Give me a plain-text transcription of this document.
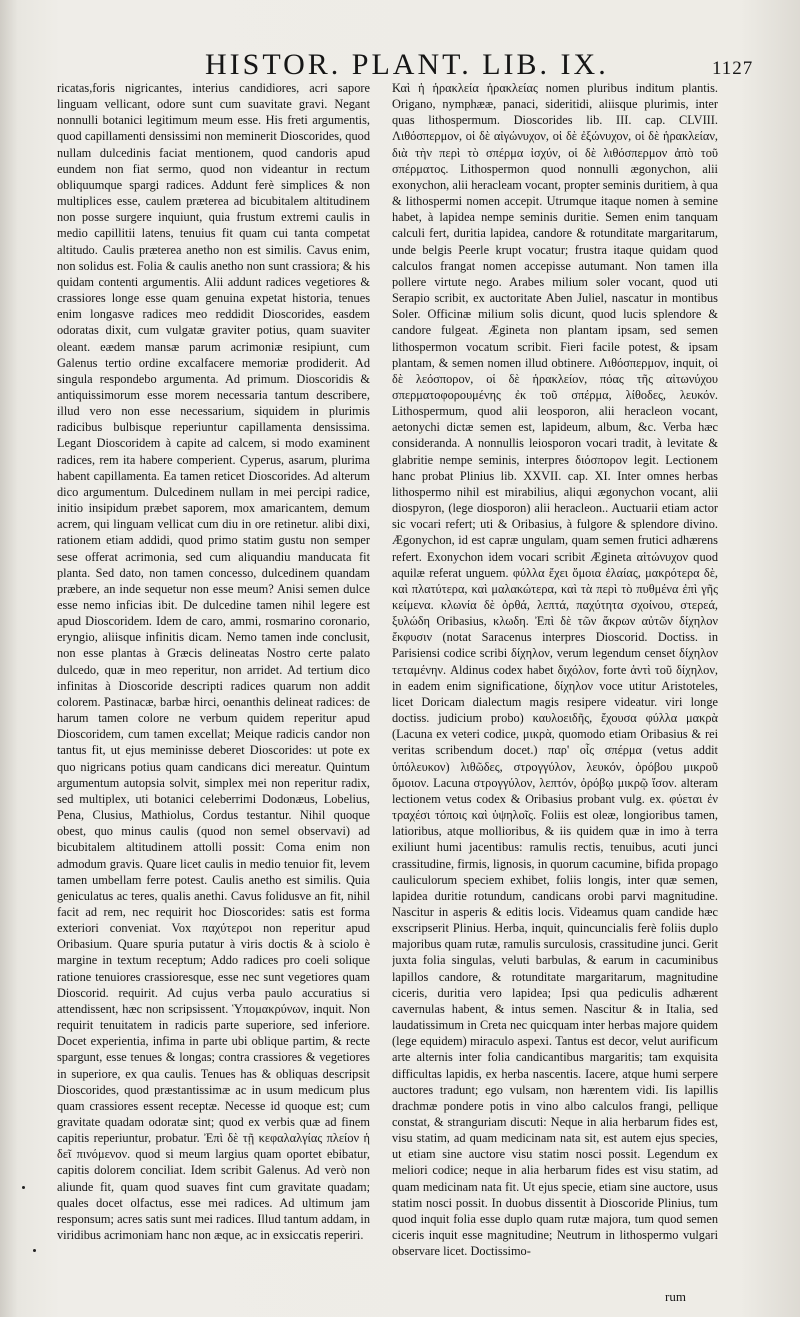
HISTOR. PLANT. LIB. IX.	1127

ricatas,foris nigricantes, interius candidiores, acri sapore linguam vellicant, odore sunt cum suavitate gravi. Negant nonnulli botanici legitimum meum esse. His freti argumentis, quod capillamenti densissimi non meminerit Dioscorides, quod nullam dulcedinis faciat mentionem, quod candoris apud eundem non fiat sermo, quod non videantur in rectum obliquumque spargi radices. Addunt ferè simplices & non multiplices esse, caulem præterea ad bicubitalem altitudinem non posse surgere inquiunt, quia frustum extremi caulis in medio capillitii latens, tenuius fit quam cui tanta competat altitudo. Caulis præterea anetho non est similis. Cavus enim, non solidus est. Folia & caulis anetho non sunt crassiora; & his quidam contenti argumentis. Alii addunt radices vegetiores & crassiores longe esse quam genuina expetat historia, tenues enim longasve radices meo reddidit Dioscorides, easdem odoratas dixit, cum vulgatæ graviter potius, quam suaviter oleant. eædem mansæ parum acrimoniæ resipiunt, cum Galenus tertio ordine excalfacere memoriæ prodiderit. Ad singula respondebo argumenta. Ad primum. Dioscoridis & antiquissimorum esse morem necessaria tantum describere, illud vero non esse necessarium, siquidem in plurimis radicibus bulbisque reperiuntur capillamenta densissima. Legant Dioscoridem à capite ad calcem, si modo examinent radices, rem ita habere comperient. Cyperus, asarum, plurima habent capillamenta. Ea tamen reticet Dioscorides. Ad alterum dico argumentum. Dulcedinem nullam in mei percipi radice, initio insipidum præbet saporem, mox amaricantem, demum acrem, qui linguam vellicat cum diu in ore retinetur. alibi dixi, rationem etiam addidi, quod primo statim gustu non semper sese offerat acrimonia, sed cum aliquandiu manducata fit planta. Sed dato, non tamen concesso, dulcedinem quandam præbere, an inde sequetur non esse meum? Anisi semen dulce esse nemo inficias ibit. De dulcedine tamen nihil legere est apud Dioscoridem. Idem de caro, ammi, rosmarino coronario, eryngio, aliisque infinitis dicam. Nemo tamen inde conclusit, non esse plantas à Græcis delineatas Nostro certe palato dulcedo, quæ in meo reperitur, non arridet. Ad tertium dico infinitas à Dioscoride descripti radices quarum non addit colorem. Pastinacæ, barbæ hirci, oenanthis delineat radices: de harum tamen colore ne verbum quidem reperitur apud Dioscoridem, cum tamen excellat; Meique radicis candor non tantus fit, ut ejus meminisse deberet Dioscorides: ut pote ex quo nigricans potius quam candicans dici mereatur. Quintum argumentum autopsia solvit, simplex mei non reperitur radix, sed multiplex, uti botanici celeberrimi Dodonæus, Lobelius, Pena, Clusius, Mathiolus, Cordus testantur. Nihil quoque obest, quo minus caulis (quod non semel observavi) ad bicubitalem altitudinem attolli possit: Coma enim non admodum gravis. Quare licet caulis in medio tenuior fit, levem tamen umbellam ferre potest. Caulis anetho est similis. Quia geniculatus ac teres, qualis anethi. Cavus folidusve an fit, nihil facit ad rem, nec requirit hoc Dioscorides: satis est forma exteriori conveniat. Vox παχύτεροι non reperitur apud Oribasium. Quare spuria putatur à viris doctis & à sciolo è margine in textum receptum; Addo radices pro coeli solique ratione tenuiores crassioresque, esse nec sunt vegetiores quam Dioscorid. requirit. Ad cujus verba paulo accuratius si attendissent, hæc non scripsissent. Ὑπομακρύνων, inquit. Non requirit tenuitatem in radicis parte superiore, sed inferiore. Docet experientia, infima in parte ubi oblique partim, & recte spargunt, esse tenues & longas; contra crassiores & vegetiores in superiore, ex qua caulis. Tenues has & obliquas descripsit Dioscorides, quod præstantissimæ ac in usum medicum plus quam crassiores essent receptæ. Necesse id quoque est; cum gravitate quadam odoratæ sint; quod ex verbis quæ ad finem capitis reperiuntur, probatur. Ἐπὶ δὲ τῇ κεφαλαλγίας πλείον ἡ δεῖ πινόμενον. quod si meum largius quam oportet ebibatur, capitis dolorem conciliat. Idem scribit Galenus. Ad verò non aliunde fit, quam quod suaves fint cum gravitate quadam; quales docet olfactus, esse mei radices. Ad ultimum jam responsum; acres satis sunt mei radices. Illud tantum addam, in viridibus acrimoniam hanc non æque, ac in exsiccatis reperiri.

Καὶ ἡ ἡρακλεία ἡρακλείας nomen pluribus inditum plantis. Origano, nymphææ, panaci, sideritidi, aliisque plurimis, inter quas lithospermum. Dioscorides lib. III. cap. CLVIII. Λιθόσπερμον, οἱ δὲ αἰγώνυχον, οἱ δὲ ἐξώνυχον, οἱ δὲ ἡρακλείαν, διὰ τὴν περὶ τὸ σπέρμα ἰσχύν, οἱ δὲ λιθόσπερμον ἀπὸ τοῦ σπέρματος. Lithospermon quod nonnulli ægonychon, alii exonychon, alii heracleam vocant, propter seminis duritiem, à qua & lithospermi nomen accepit. Utrumque itaque nomen à semine habet, à lapidea nempe seminis duritie. Semen enim tanquam calculi fert, duritia lapidea, candore & rotunditate margaritarum, unde belgis Peerle krupt vocatur; frustra itaque quidam quod calculos frangat nomen accepisse autumant. Non tamen illa pollere virtute nego. Arabes milium soler vocant, quod uti Serapio scribit, ex auctoritate Aben Juliel, nascatur in montibus Soler. Officinæ milium solis dicunt, quod lucis splendore & candore fulgeat. Æginetа non plantam ipsam, sed semen lithospermon vocatum scribit. Fieri facile potest, & ipsam plantam, & semen nomen illud obtinere. Λιθόσπερμον, inquit, οἱ δὲ λεόσπορον, οἱ δὲ ἡρακλείον, πόας τῆς αἰτωνύχου σπερματοφορουμένης ἐκ τοῦ σπέρμα, λίθοδες, λευκόν. Lithospermum, quod alii leosporon, alii heracleon vocant, aetonychi dictæ semen est, lapideum, album, &c. Verba hæc consideranda. A nonnullis leiosporon vocari tradit, à levitate & glabritie nempe seminis, interpres διόσπορον legit. Lectionem hanc probat Plinius lib. XXVII. cap. XI. Inter omnes herbas lithospermo nihil est mirabilius, aliqui ægonychon vocant, alii diospyron, (lege diosporon) alii heracleon.. Auctuarii etiam actor sic vocari refert; uti & Oribasius, à fulgore & splendore divino. Ægonychon, id est capræ ungulam, quam semen frutici adhærens refert. Exonychon idem vocari scribit Æginetа αἰτώνυχον quod aquilæ referat unguem. φύλλα ἔχει ὅμοια ἐλαίας, μακρότερα δὲ, καὶ πλατύτερα, καὶ μαλακώτερα, καὶ τὰ περὶ τὸ πυθμένα ἐπὶ γῆς κείμενα. κλωνία δὲ ὀρθά, λεπτά, παχύτητα σχοίνου, στερεά, ξυλώδη Oribasius, κλωδη. Ἐπὶ δὲ τῶν ἄκρων αὐτῶν δίχηλον ἔκφυσιν (notat Saracenus interpres Dioscorid. Doctiss. in Parisiensi codice scribi δίχηλον, verum legendum censet δίχηλον τεταμένην. Aldinus codex habet διχόλον, forte ἀντὶ τοῦ δίχηλον, in eadem enim significatione, δίχηλον voce utitur Aristoteles, licet Doricam dialectum magis resipere videatur. viri longe doctiss. judicium probo) καυλοειδῆς, ἔχουσα φύλλα μακρὰ (Lacuna ex veteri codice, μικρὰ, quomodo etiam Oribasius & rei veritas scribendum docet.) παρ' οἷς σπέρμα (vetus addit ὑπόλευκον) λιθῶδες, στρογγύλον, λευκόν, ὀρόβου μικροῦ ὅμοιον. Lacuna στρογγύλον, λεπτόν, ὀρόβῳ μικρῷ ἴσον. alteram lectionem vetus codex & Oribasius probant vulg. ex. φύεται ἐν τραχέσι τόποις καὶ ὑψηλοῖς. Foliis est oleæ, longioribus tamen, latioribus, atque mollioribus, & iis quidem quæ in imo à terra exiliunt humi jacentibus: ramulis rectis, tenuibus, acuti junci crassitudine, firmis, lignosis, in quorum cacumine, bifida propago cauliculorum speciem exhibet, foliis longis, inter quæ semen, lapidea duritie rotundum, candicans orobi parvi magnitudine. Nascitur in asperis & editis locis. Videamus quam candide hæc exscripserit Plinius. Herba, inquit, quincuncialis ferè foliis duplo majoribus quam rutæ, ramulis surculosis, crassitudine junci. Gerit juxta folia singulas, veluti barbulas, & earum in cacuminibus lapillos candore, & rotunditate margaritarum, magnitudine ciceris, duritia vero lapidea; Ipsi qua pediculis adhærent cavernulas habent, & intus semen. Nascitur & in Italia, sed laudatissimum in Creta nec quicquam inter herbas majore quidem (lege equidem) miraculo aspexi. Tantus est decor, velut aurificum arte alternis inter folia candicantibus margaritis; tam exquisita difficultas lapidis, ex herba nascentis. Iacere, atque humi serpere auctores tradunt; ego vulsam, non hærentem vidi. Iis lapillis drachmæ pondere potis in vino albo calculos frangi, pellique constat, & stranguriam discuti: Neque in alia herbarum fides est, visu statim, ad quam medicinam nata sit, est autem ejus species, ut etiam sine auctore visu statim nosci possit. Legendum ex meliori codice; neque in alia herbarum fides est visu statim, ad quam medicinam nata fit. Ut ejus specie, etiam sine auctore, usus statim nosci possit. In duobus dissentit à Dioscoride Plinius, tum quod inquit folia esse duplo quam rutæ majora, tum quod semen ciceris inquit esse magnitudine; Neutrum in lithospermo vulgari observare licet. Doctissimo-

rum
